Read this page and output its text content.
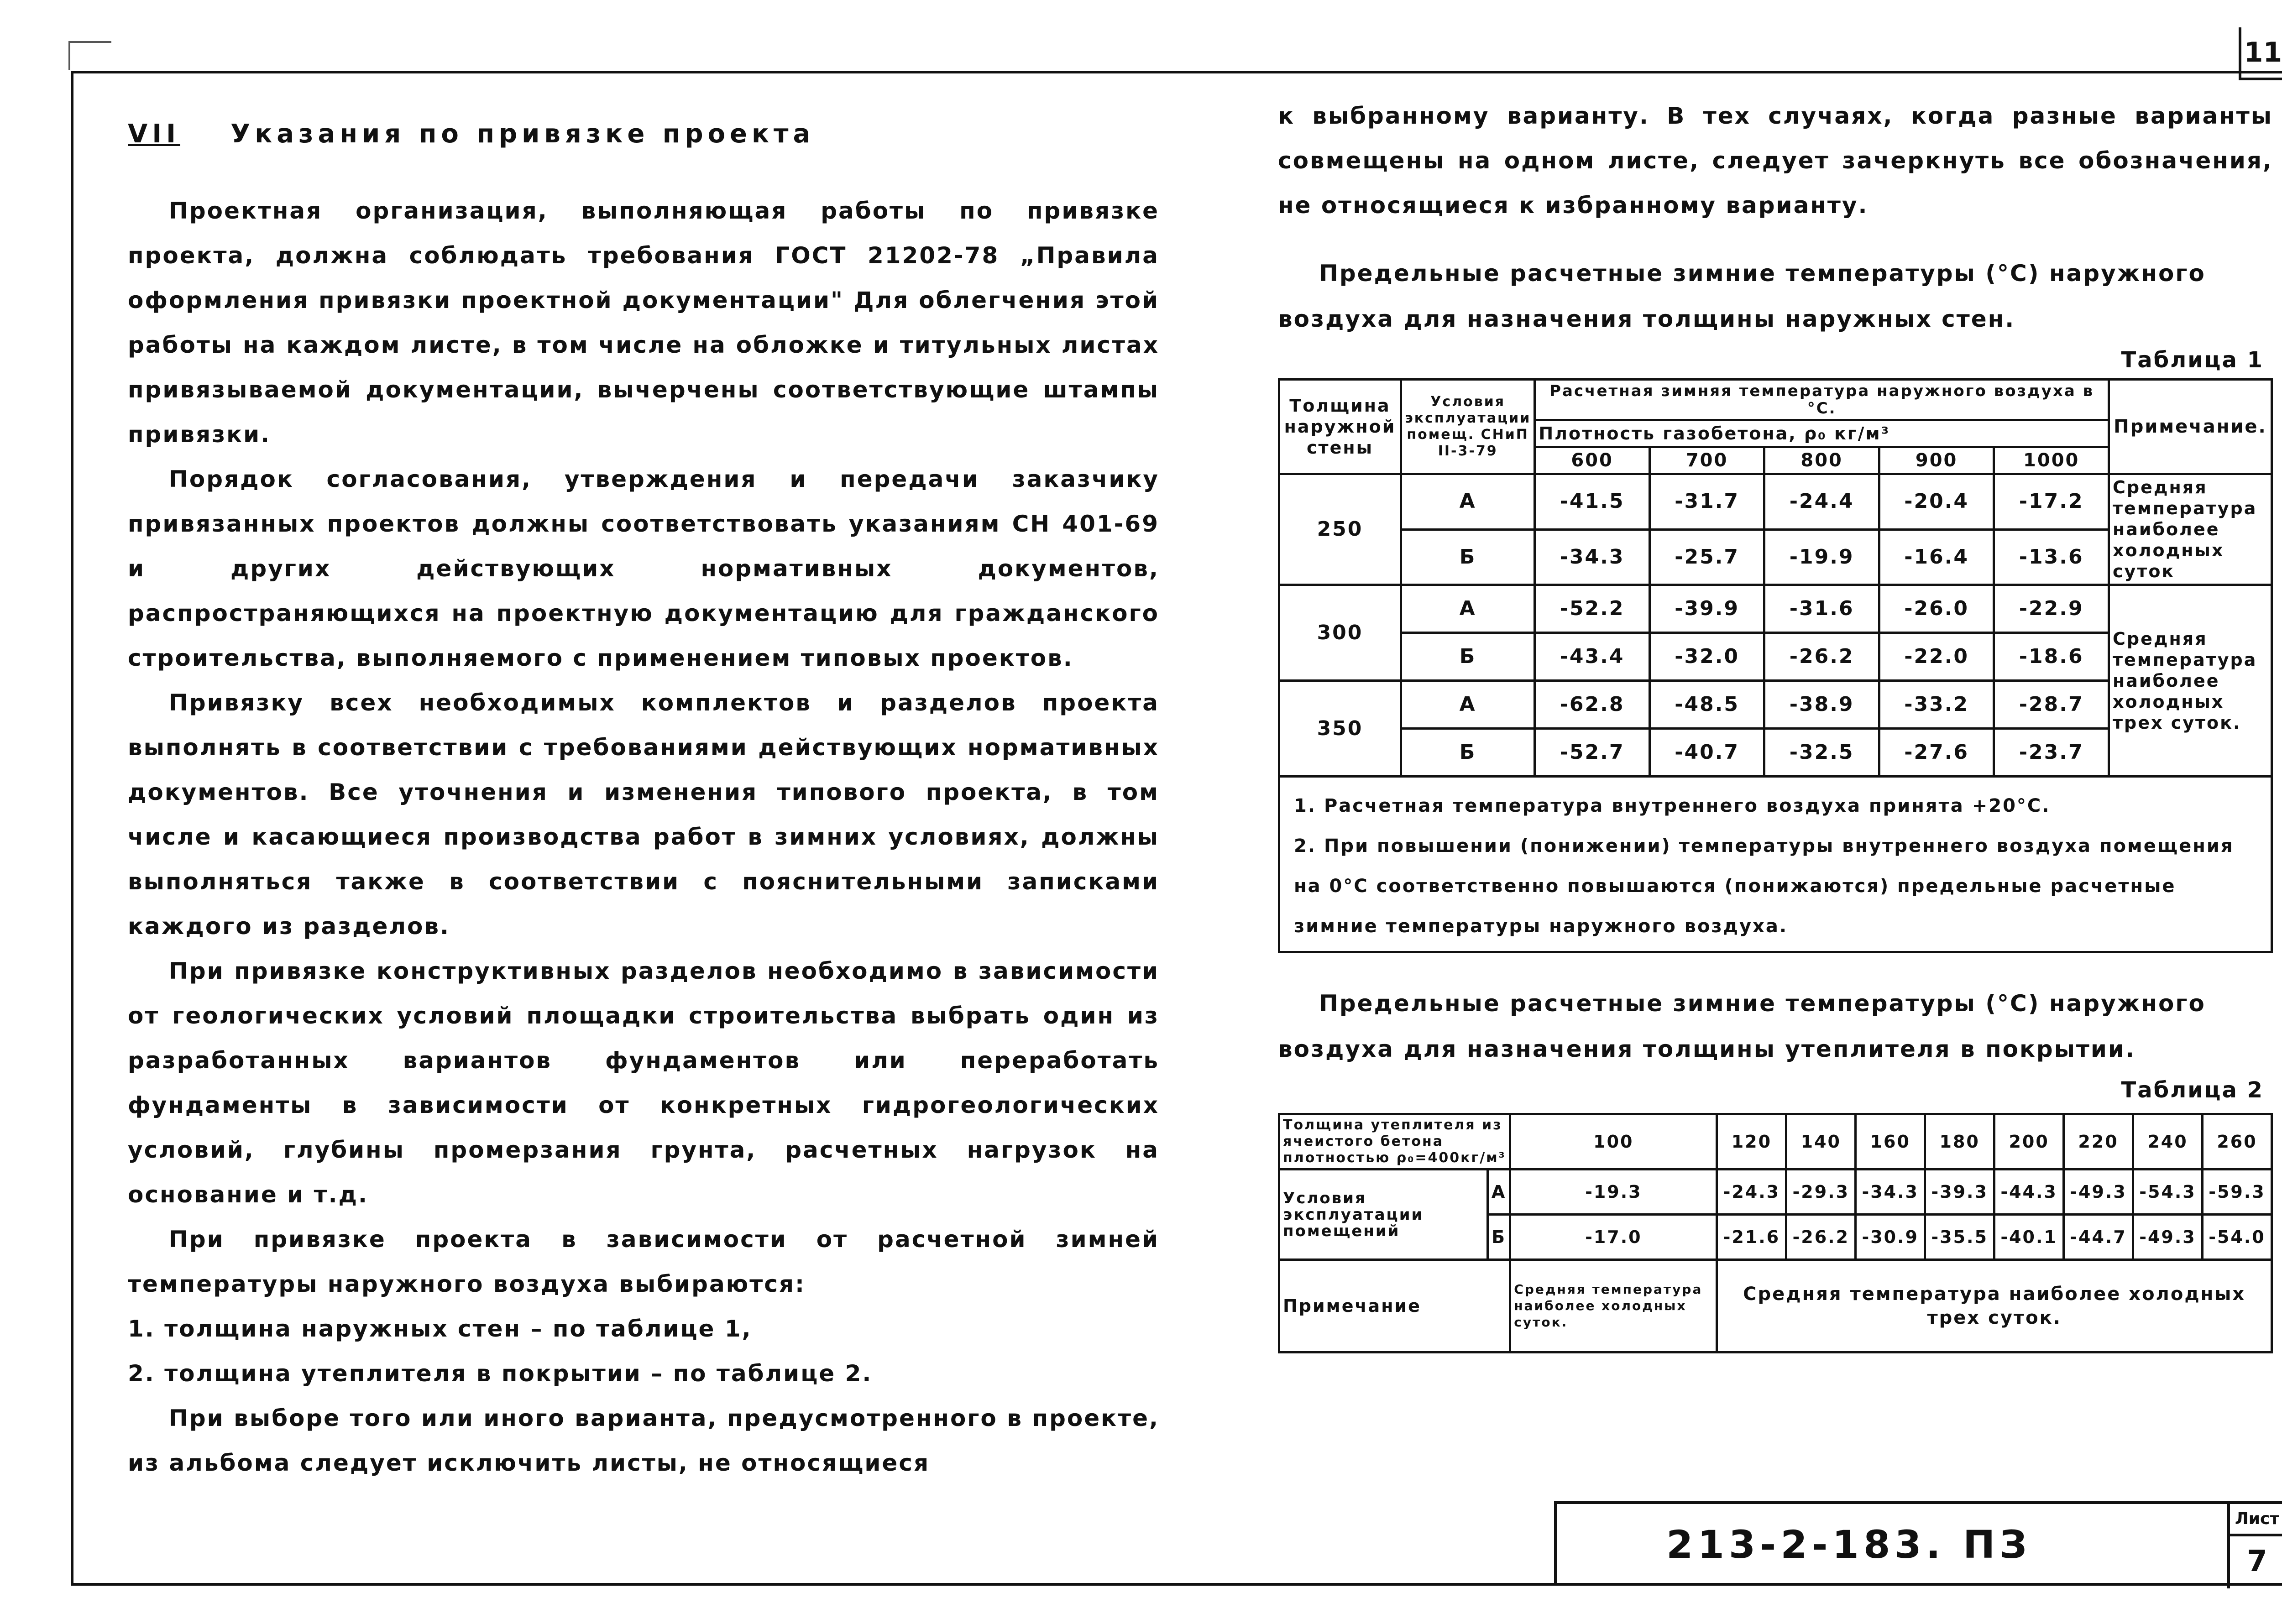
11
VII Указания по привязке проекта

Проектная организация, выполняющая работы по привязке проекта, должна соблюдать требования ГОСТ 21202-78 „Правила оформления привязки проектной документации" Для облегчения этой работы на каждом листе, в том числе на обложке и титульных листах привязываемой документации, вычерчены соответствующие штампы привязки.

Порядок согласования, утверждения и передачи заказчику привязанных проектов должны соответствовать указаниям СН 401-69 и других действующих нормативных документов, распространяющихся на проектную документацию для гражданского строительства, выполняемого с применением типовых проектов.

Привязку всех необходимых комплектов и разделов проекта выполнять в соответствии с требованиями действующих нормативных документов. Все уточнения и изменения типового проекта, в том числе и касающиеся производства работ в зимних условиях, должны выполняться также в соответствии с пояснительными записками каждого из разделов.

При привязке конструктивных разделов необходимо в зависимости от геологических условий площадки строительства выбрать один из разработанных вариантов фундаментов или переработать фундаменты в зависимости от конкретных гидрогеологических условий, глубины промерзания грунта, расчетных нагрузок на основание и т.д.

При привязке проекта в зависимости от расчетной зимней температуры наружного воздуха выбираются:

1. толщина наружных стен – по таблице 1,

2. толщина утеплителя в покрытии – по таблице 2.

При выборе того или иного варианта, предусмотренного в проекте, из альбома следует исключить листы, не относящиеся

к выбранному варианту. В тех случаях, когда разные варианты совмещены на одном листе, следует зачеркнуть все обозначения, не относящиеся к избранному варианту.

Предельные расчетные зимние температуры (°С) наружного воздуха для назначения толщины наружных стен.
Таблица 1
Толщина наружной стены	Условия эксплуатации помещ. СНиП II-3-79	Расчетная зимняя температура наружного воздуха в °С.					Примечание.
		Плотность газобетона, ρ₀ кг/м³					
		600	700	800	900	1000	
250	А	-41.5	-31.7	-24.4	-20.4	-17.2	Средняя температура наиболее холодных суток
	Б	-34.3	-25.7	-19.9	-16.4	-13.6	
300	А	-52.2	-39.9	-31.6	-26.0	-22.9	Средняя температура наиболее холодных трех суток.
	Б	-43.4	-32.0	-26.2	-22.0	-18.6	
350	А	-62.8	-48.5	-38.9	-33.2	-28.7	
	Б	-52.7	-40.7	-32.5	-27.6	-23.7	

1. Расчетная температура внутреннего воздуха принята +20°С.

2. При повышении (понижении) температуры внутреннего воздуха помещения на 0°С соответственно повышаются (понижаются) предельные расчетные зимние температуры наружного воздуха.

Предельные расчетные зимние температуры (°С) наружного воздуха для назначения толщины утеплителя в покрытии.
Таблица 2
Толщина утеплителя из ячеистого бетона плотностью ρ₀=400кг/м³		100	120	140	160	180	200	220	240	260
Условия эксплуатации помещений	А	-19.3	-24.3	-29.3	-34.3	-39.3	-44.3	-49.3	-54.3	-59.3
	Б	-17.0	-21.6	-26.2	-30.9	-35.5	-40.1	-44.7	-49.3	-54.0
Примечание		Средняя температура наиболее холодных суток.	Средняя температура наиболее холодных трех суток.							
213-2-183. ПЗ
Лист
7
